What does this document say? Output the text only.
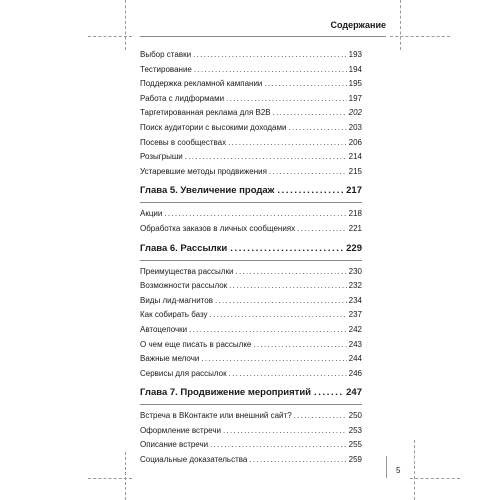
Содержание
Выбор ставки .....	193
Тестирование .....	194
Поддержка рекламной кампании .....	195
Работа с лидформами .....	197
Таргетированная реклама для B2B .....	202
Поиск аудитории с высокими доходами .....	203
Посевы в сообществах .....	206
Розыгрыши .....	214
Устаревшие методы продвижения .....	215
Глава 5. Увеличение продаж .....	217
Акции .....	218
Обработка заказов в личных сообщениях .....	221
Глава 6. Рассылки .....	229
Преимущества рассылки .....	230
Возможности рассылок .....	232
Виды лид-магнитов .....	234
Как собирать базу .....	237
Автоцепочки .....	242
О чем еще писать в рассылке .....	243
Важные мелочи .....	244
Сервисы для рассылок .....	246
Глава 7. Продвижение мероприятий .....	247
Встреча в ВКонтакте или внешний сайт? .....	250
Оформление встречи .....	253
Описание встречи .....	255
Социальные доказательства .....	259
5
